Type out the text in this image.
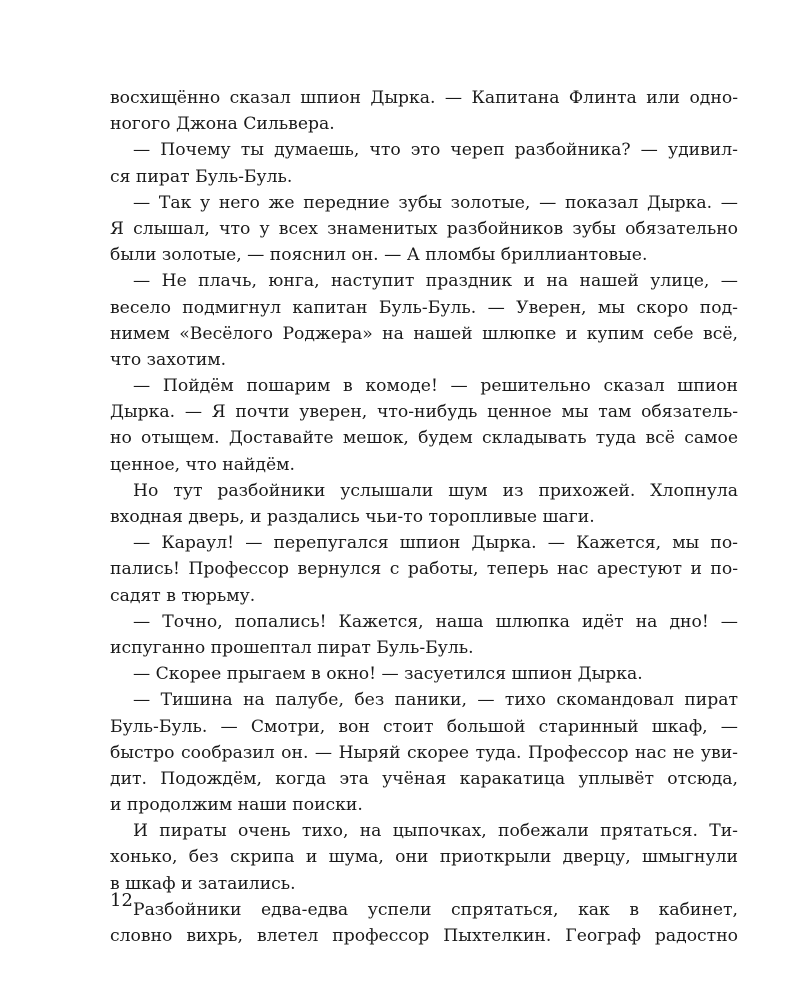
восхищённо сказал шпион Дырка. — Капитана Флинта или одно-
ногого Джона Сильвера.
— Почему ты думаешь, что это череп разбойника? — удивил-
ся пират Буль-Буль.
— Так у него же передние зубы золотые, — показал Дырка. —
Я слышал, что у всех знаменитых разбойников зубы обязательно
были золотые, — пояснил он. — А пломбы бриллиантовые.
— Не плачь, юнга, наступит праздник и на нашей улице, —
весело подмигнул капитан Буль-Буль. — Уверен, мы скоро под-
нимем «Весёлого Роджера» на нашей шлюпке и купим себе всё,
что захотим.
— Пойдём пошарим в комоде! — решительно сказал шпион
Дырка. — Я почти уверен, что-нибудь ценное мы там обязатель-
но отыщем. Доставайте мешок, будем складывать туда всё самое
ценное, что найдём.
Но тут разбойники услышали шум из прихожей. Хлопнула
входная дверь, и раздались чьи-то торопливые шаги.
— Караул! — перепугался шпион Дырка. — Кажется, мы по-
пались! Профессор вернулся с работы, теперь нас арестуют и по-
садят в тюрьму.
— Точно, попались! Кажется, наша шлюпка идёт на дно! —
испуганно прошептал пират Буль-Буль.
— Скорее прыгаем в окно! — засуетился шпион Дырка.
— Тишина на палубе, без паники, — тихо скомандовал пират
Буль-Буль. — Смотри, вон стоит большой старинный шкаф, —
быстро сообразил он. — Ныряй скорее туда. Профессор нас не уви-
дит. Подождём, когда эта учёная каракатица уплывёт отсюда,
и продолжим наши поиски.
И пираты очень тихо, на цыпочках, побежали прятаться. Ти-
хонько, без скрипа и шума, они приоткрыли дверцу, шмыгнули
в шкаф и затаились.
Разбойники едва-едва успели спрятаться, как в кабинет,
словно вихрь, влетел профессор Пыхтелкин. Географ радостно
12
